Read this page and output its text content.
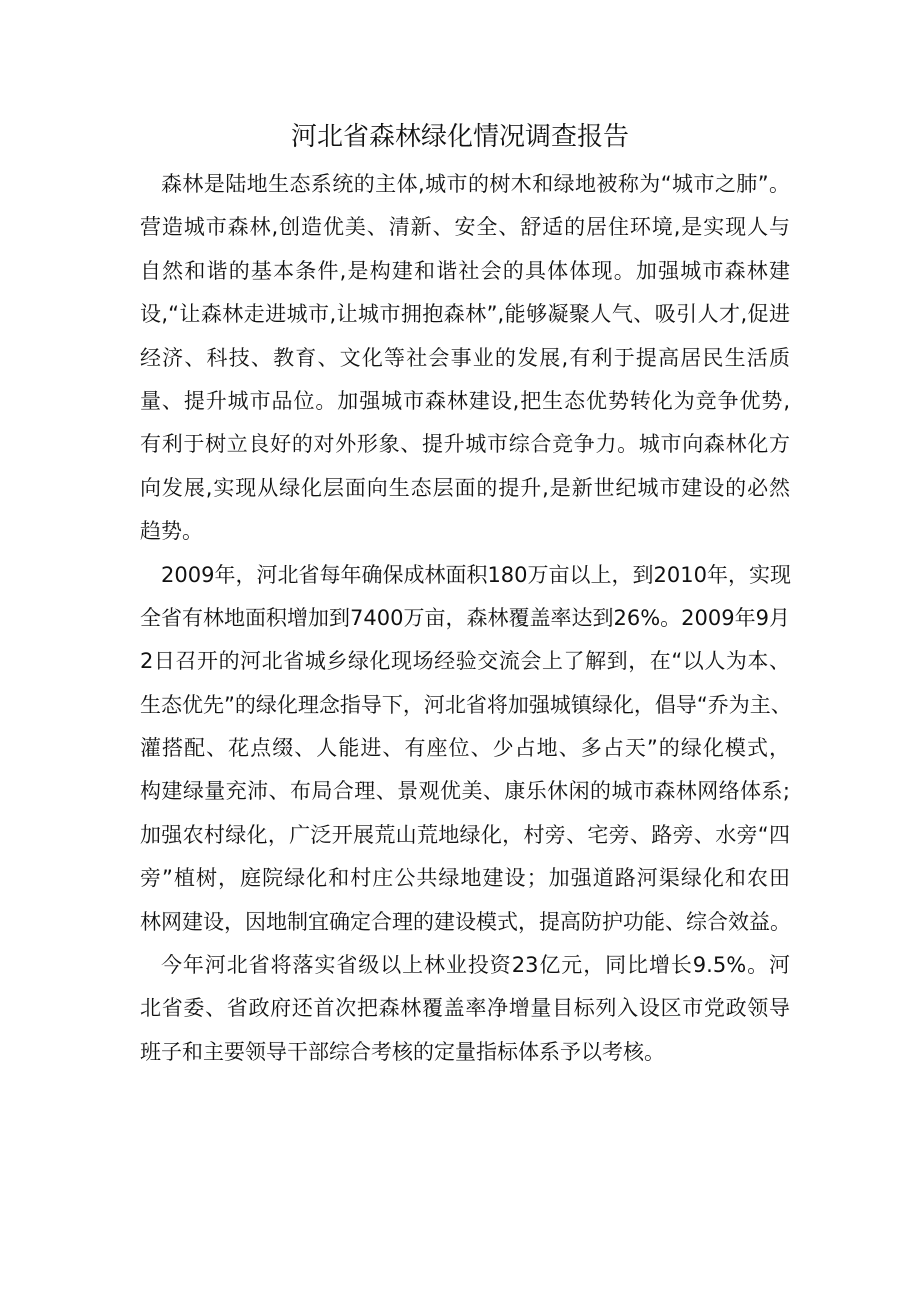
河北省森林绿化情况调查报告
森林是陆地生态系统的主体,城市的树木和绿地被称为“城市之肺”。
营造城市森林,创造优美、清新、安全、舒适的居住环境,是实现人与
自然和谐的基本条件,是构建和谐社会的具体体现。加强城市森林建
设,“让森林走进城市,让城市拥抱森林”,能够凝聚人气、吸引人才,促进
经济、科技、教育、文化等社会事业的发展,有利于提高居民生活质
量、提升城市品位。加强城市森林建设,把生态优势转化为竞争优势,
有利于树立良好的对外形象、提升城市综合竞争力。城市向森林化方
向发展,实现从绿化层面向生态层面的提升,是新世纪城市建设的必然
趋势。
2009年，河北省每年确保成林面积180万亩以上，到2010年，实现
全省有林地面积增加到7400万亩，森林覆盖率达到26%。2009年9月
2日召开的河北省城乡绿化现场经验交流会上了解到，在“以人为本、
生态优先”的绿化理念指导下，河北省将加强城镇绿化，倡导“乔为主、
灌搭配、花点缀、人能进、有座位、少占地、多占天”的绿化模式，
构建绿量充沛、布局合理、景观优美、康乐休闲的城市森林网络体系;
加强农村绿化，广泛开展荒山荒地绿化，村旁、宅旁、路旁、水旁“四
旁”植树，庭院绿化和村庄公共绿地建设；加强道路河渠绿化和农田
林网建设，因地制宜确定合理的建设模式，提高防护功能、综合效益。
今年河北省将落实省级以上林业投资23亿元，同比增长9.5%。河
北省委、省政府还首次把森林覆盖率净增量目标列入设区市党政领导
班子和主要领导干部综合考核的定量指标体系予以考核。
